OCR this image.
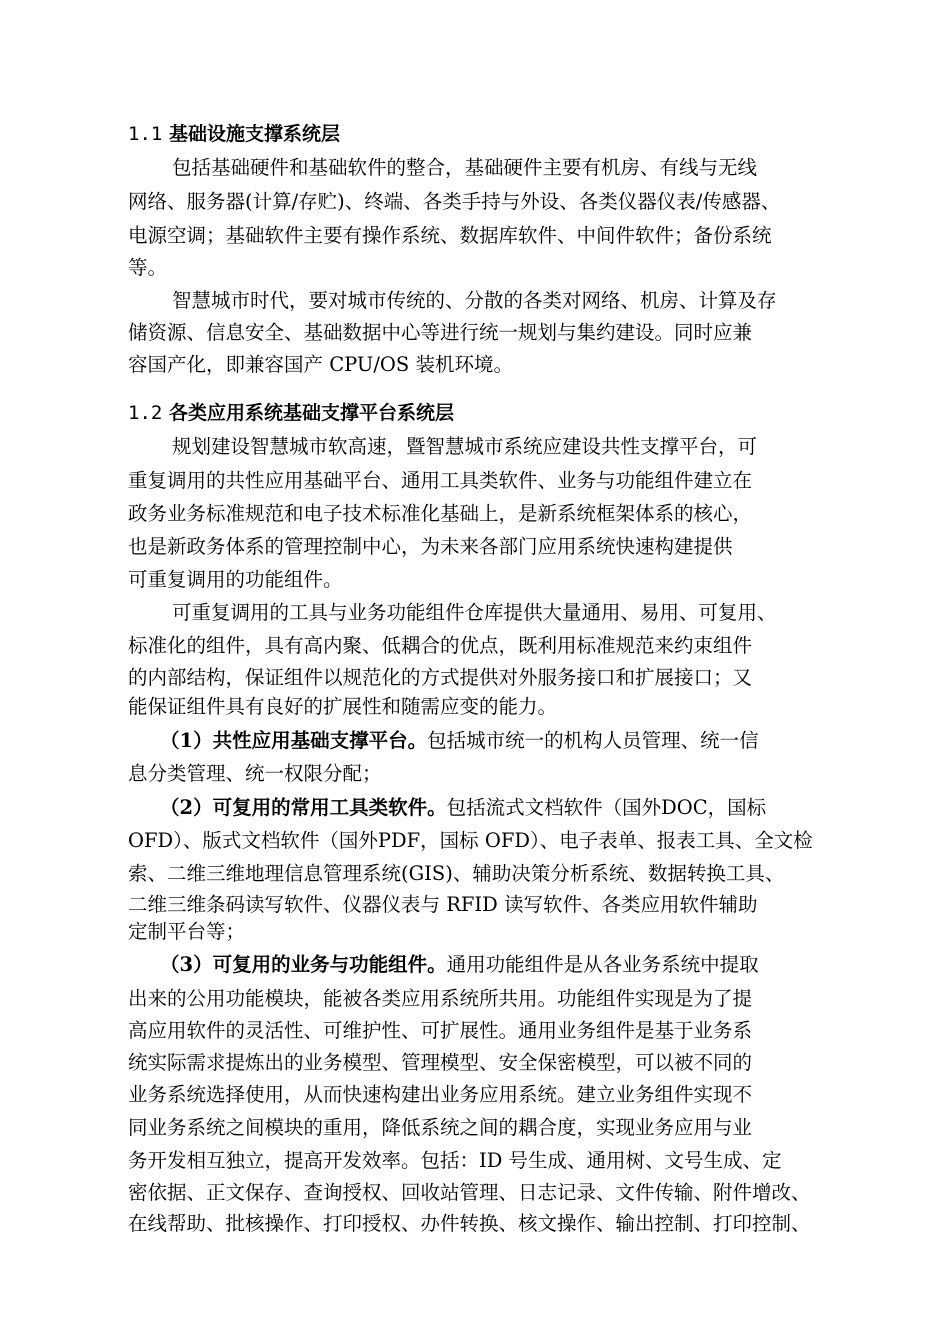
1.1 基础设施支撑系统层
包括基础硬件和基础软件的整合，基础硬件主要有机房、有线与无线
网络、服务器(计算/存贮)、终端、各类手持与外设、各类仪器仪表/传感器、
电源空调；基础软件主要有操作系统、数据库软件、中间件软件；备份系统
等。
智慧城市时代，要对城市传统的、分散的各类对网络、机房、计算及存
储资源、信息安全、基础数据中心等进行统一规划与集约建设。同时应兼
容国产化，即兼容国产 CPU/OS 装机环境。
1.2 各类应用系统基础支撑平台系统层
规划建设智慧城市软高速，暨智慧城市系统应建设共性支撑平台，可
重复调用的共性应用基础平台、通用工具类软件、业务与功能组件建立在
政务业务标准规范和电子技术标准化基础上，是新系统框架体系的核心，
也是新政务体系的管理控制中心，为未来各部门应用系统快速构建提供
可重复调用的功能组件。
可重复调用的工具与业务功能组件仓库提供大量通用、易用、可复用、
标准化的组件，具有高内聚、低耦合的优点，既利用标准规范来约束组件
的内部结构，保证组件以规范化的方式提供对外服务接口和扩展接口；又
能保证组件具有良好的扩展性和随需应变的能力。
（1）共性应用基础支撑平台。包括城市统一的机构人员管理、统一信
息分类管理、统一权限分配；
（2）可复用的常用工具类软件。包括流式文档软件（国外DOC，国标
OFD）、版式文档软件（国外PDF，国标 OFD）、电子表单、报表工具、全文检
索、二维三维地理信息管理系统(GIS)、辅助决策分析系统、数据转换工具、
二维三维条码读写软件、仪器仪表与 RFID 读写软件、各类应用软件辅助
定制平台等；
（3）可复用的业务与功能组件。通用功能组件是从各业务系统中提取
出来的公用功能模块，能被各类应用系统所共用。功能组件实现是为了提
高应用软件的灵活性、可维护性、可扩展性。通用业务组件是基于业务系
统实际需求提炼出的业务模型、管理模型、安全保密模型，可以被不同的
业务系统选择使用，从而快速构建出业务应用系统。建立业务组件实现不
同业务系统之间模块的重用，降低系统之间的耦合度，实现业务应用与业
务开发相互独立，提高开发效率。包括：ID 号生成、通用树、文号生成、定
密依据、正文保存、查询授权、回收站管理、日志记录、文件传输、附件增改、
在线帮助、批核操作、打印授权、办件转换、核文操作、输出控制、打印控制、
